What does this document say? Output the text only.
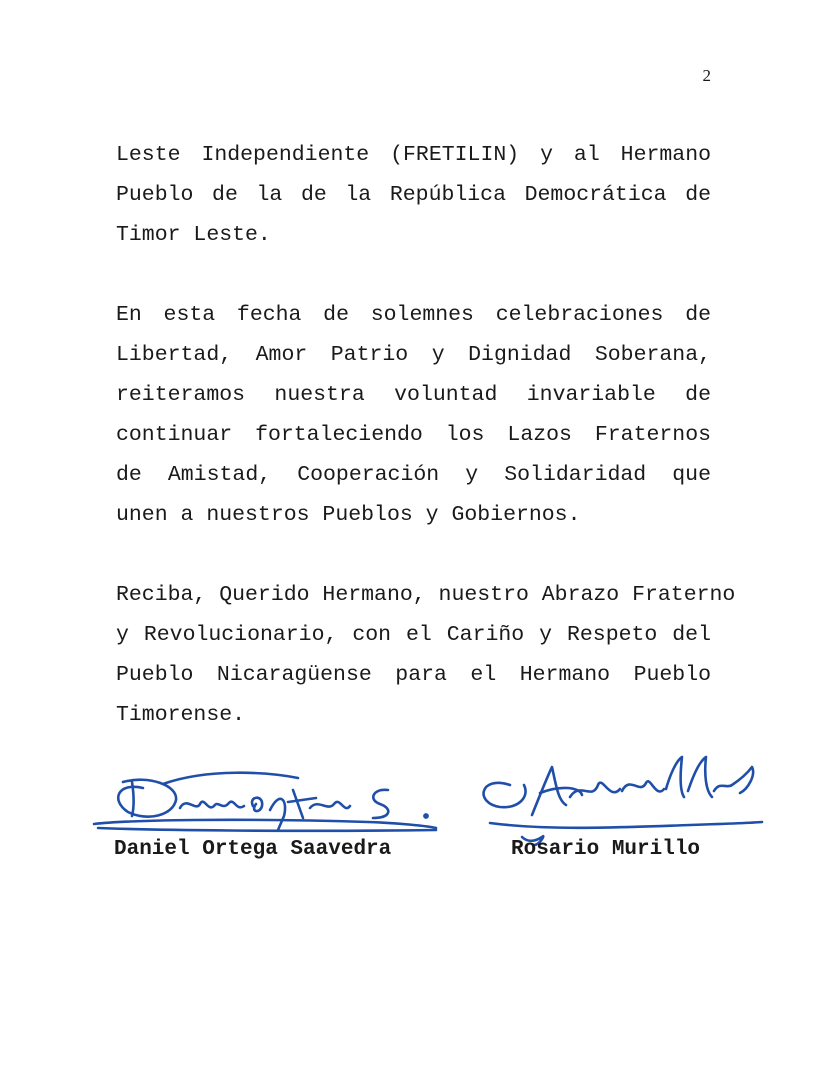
2
Leste Independiente (FRETILIN) y al Hermano
Pueblo de la de la República Democrática de
Timor Leste.
En esta fecha de solemnes celebraciones de
Libertad, Amor Patrio y Dignidad Soberana,
reiteramos nuestra voluntad invariable de
continuar fortaleciendo los Lazos Fraternos
de Amistad, Cooperación y Solidaridad que
unen a nuestros Pueblos y Gobiernos.
Reciba, Querido Hermano, nuestro Abrazo Fraterno
y Revolucionario, con el Cariño y Respeto del
Pueblo Nicaragüense para el Hermano Pueblo
Timorense.
Daniel Ortega Saavedra	Rosario Murillo
